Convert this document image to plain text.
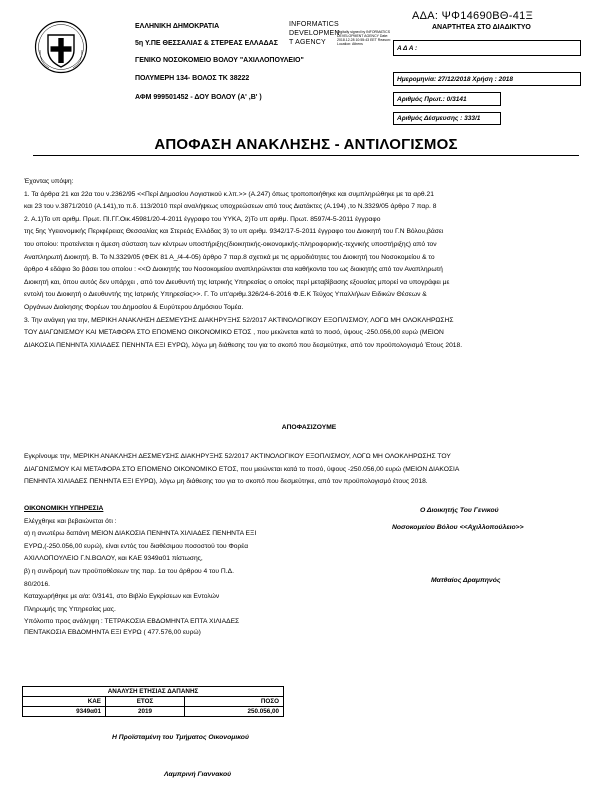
ΑΔΑ: ΨΦ14690ΒΘ-41Ξ
ΕΛΛΗΝΙΚΗ ΔΗΜΟΚΡΑΤΙΑ
5η Υ.ΠΕ ΘΕΣΣΑΛΙΑΣ & ΣΤΕΡΕΑΣ ΕΛΛΑΔΑΣ
ΓΕΝΙΚΟ ΝΟΣΟΚΟΜΕΙΟ ΒΟΛΟΥ "ΑΧΙΛΛΟΠΟΥΛΕΙΟ"
ΠΟΛΥΜΕΡΗ 134- ΒΟΛΟΣ ΤΚ 38222
ΑΦΜ 999501452 - ΔΟΥ ΒΟΛΟΥ (Α' ,Β' )
INFORMATICS
DEVELOPMEN
T AGENCY
Digitally signed by INFORMATICS DEVELOPMENT AGENCY Date: 2018.12.28 10:55:43 EET Reason: Location: Athens
ΑΝΑΡΤΗΤΕΑ ΣΤΟ ΔΙΑΔΙΚΤΥΟ
Α Δ Α :
Ημερομηνία: 27/12/2018 Χρήση : 2018
Αριθμός Πρωτ.: 0/3141
Αριθμός Δέσμευσης : 333/1
ΑΠΟΦΑΣΗ ΑΝΑΚΛΗΣΗΣ - ΑΝΤΙΛΟΓΙΣΜΟΣ

Έχοντας υπόψη:

1. Τα άρθρα 21 και 22α του ν.2362/95 <<Περί Δημοσίου Λογιστικού κ.λπ.>> (Α.247) όπως τροποποιήθηκε και συμπληρώθηκε με τα αρθ.21

και 23 του ν.3871/2010 (Α.141),το π.δ. 113/2010 περί αναλήψεως υποχρεώσεων από τους Διατάκτες (Α.194) ,το Ν.3329/05 άρθρο 7 παρ. 8

2. Α.1)Το υπ αριθμ. Πρωτ. ΠΙ.ΓΓ.Οικ.45981/20-4-2011 έγγραφο του ΥΥΚΑ, 2)Το υπ αριθμ. Πρωτ. 8597/4-5-2011 έγγραφο

της 5ης Υγειονομικής Περιφέρειας Θεσσαλίας και Στερεάς Ελλάδας 3) το υπ αριθμ. 9342/17-5-2011 έγγραφο του Διοικητή του Γ.Ν Βόλου,βάσει

του οποίου: προτείνεται η άμεση σύσταση των κέντρων υποστήριξης(διοικητικής-οικονομικής-πληροφορικής-τεχνικής υποστήριξης) από τον

Αναπληρωτή Διοικητή. Β. Το Ν.3329/05 (ΦΕΚ 81 Α_/4-4-05) άρθρο 7 παρ.8 σχετικά με τις αρμοδιότητες του Διοικητή του Νοσοκομείου & το

άρθρο 4 εδάφιο 3ο βάσει του οποίου : <<Ο Διοικητής του Νοσοκομείου αναπληρώνεται στα καθήκοντα του ως διοικητής από τον Αναπληρωτή

Διοικητή και, όπου αυτός δεν υπάρχει , από τον Διευθυντή της Ιατρικής Υπηρεσίας ο οποίος περί μεταβίβασης εξουσίας μπορεί να υπογράφει με

εντολή του Διοικητή ο Διευθυντής της Ιατρικής Υπηρεσίας>>. Γ. Το υπ'αριθμ.326/24-6-2016 Φ.Ε.Κ Τεύχος Υπαλλήλων Ειδικών Θέσεων &

Οργάνων Διοίκησης Φορέων του Δημοσίου & Ευρύτερου Δημόσιου Τομέα.

3. Την ανάγκη για την, ΜΕΡΙΚΗ ΑΝΑΚΛΗΣΗ ΔΕΣΜΕΥΣΗΣ ΔΙΑΚΗΡΥΞΗΣ 52/2017 ΑΚΤΙΝΟΛΟΓΙΚΟΥ ΕΞΟΠΛΙΣΜΟΥ, ΛΟΓΩ ΜΗ ΟΛΟΚΛΗΡΩΣΗΣ

ΤΟΥ ΔΙΑΓΩΝΙΣΜΟΥ ΚΑΙ ΜΕΤΑΦΟΡΑ ΣΤΟ ΕΠΟΜΕΝΟ ΟΙΚΟΝΟΜΙΚΟ ΕΤΟΣ , που μειώνεται κατά το ποσό, ύψους -250.056,00 ευρώ (ΜΕΙΟΝ

ΔΙΑΚΟΣΙΑ ΠΕΝΗΝΤΑ ΧΙΛΙΑΔΕΣ ΠΕΝΗΝΤΑ ΕΞΙ ΕΥΡΩ), λόγω μη διάθεσης του για το σκοπό που δεσμεύτηκε, από τον προϋπολογισμό Έτους 2018.

ΑΠΟΦΑΣΙΖΟΥΜΕ

Εγκρίνουμε την, ΜΕΡΙΚΗ ΑΝΑΚΛΗΣΗ ΔΕΣΜΕΥΣΗΣ ΔΙΑΚΗΡΥΞΗΣ 52/2017 ΑΚΤΙΝΟΛΟΓΙΚΟΥ ΕΞΟΠΛΙΣΜΟΥ, ΛΟΓΩ ΜΗ ΟΛΟΚΛΗΡΩΣΗΣ ΤΟΥ

ΔΙΑΓΩΝΙΣΜΟΥ ΚΑΙ ΜΕΤΑΦΟΡΑ ΣΤΟ ΕΠΟΜΕΝΟ ΟΙΚΟΝΟΜΙΚΟ ΕΤΟΣ, που μειώνεται κατά το ποσό, ύψους -250.056,00 ευρώ (ΜΕΙΟΝ ΔΙΑΚΟΣΙΑ

ΠΕΝΗΝΤΑ ΧΙΛΙΑΔΕΣ ΠΕΝΗΝΤΑ ΕΞΙ ΕΥΡΩ), λόγω μη διάθεσης του για το σκοπό που δεσμεύτηκε, από τον προϋπολογισμό έτους 2018.

ΟΙΚΟΝΟΜΙΚΗ ΥΠΗΡΕΣΙΑ

Ελέγχθηκε και βεβαιώνεται ότι :

α) η ανωτέρω δαπάνη ΜΕΙΟΝ ΔΙΑΚΟΣΙΑ ΠΕΝΗΝΤΑ ΧΙΛΙΑΔΕΣ ΠΕΝΗΝΤΑ ΕΞΙ

ΕΥΡΩ,(-250.056,00 ευρώ), είναι εντός του διαθέσιμου ποσοστού του Φορέα

ΑΧΙΛΛΟΠΟΥΛΕΙΟ Γ.Ν.ΒΟΛΟΥ, και ΚΑΕ 9349α01 πίστωσης,

β) η συνδρομή των προϋποθέσεων της παρ. 1α του άρθρου 4 του Π.Δ.

80/2016.

Καταχωρήθηκε με α/α: 0/3141, στο Βιβλίο Εγκρίσεων και Εντολών

Πληρωμής της Υπηρεσίας μας.

Υπόλοιπο προς ανάληψη : ΤΕΤΡΑΚΟΣΙΑ ΕΒΔΟΜΗΝΤΑ ΕΠΤΑ ΧΙΛΙΑΔΕΣ

ΠΕΝΤΑΚΟΣΙΑ ΕΒΔΟΜΗΝΤΑ ΕΞΙ ΕΥΡΩ ( 477.576,00 ευρώ)

ΑΝΑΛΥΣΗ ΕΤΗΣΙΑΣ ΔΑΠΑΝΗΣ		
ΚΑΕ	ΕΤΟΣ	ΠΟΣΟ
9349α01	2019	250.056,00
Η Προϊσταμένη του Τμήματος Οικονομικού
Λαμπρινή Γιαννακού
Ο Διοικητής Του Γενικού
Νοσοκομείου Βόλου <<Αχιλλοπούλειο>>
Ματθαίος Δραμπηνός
